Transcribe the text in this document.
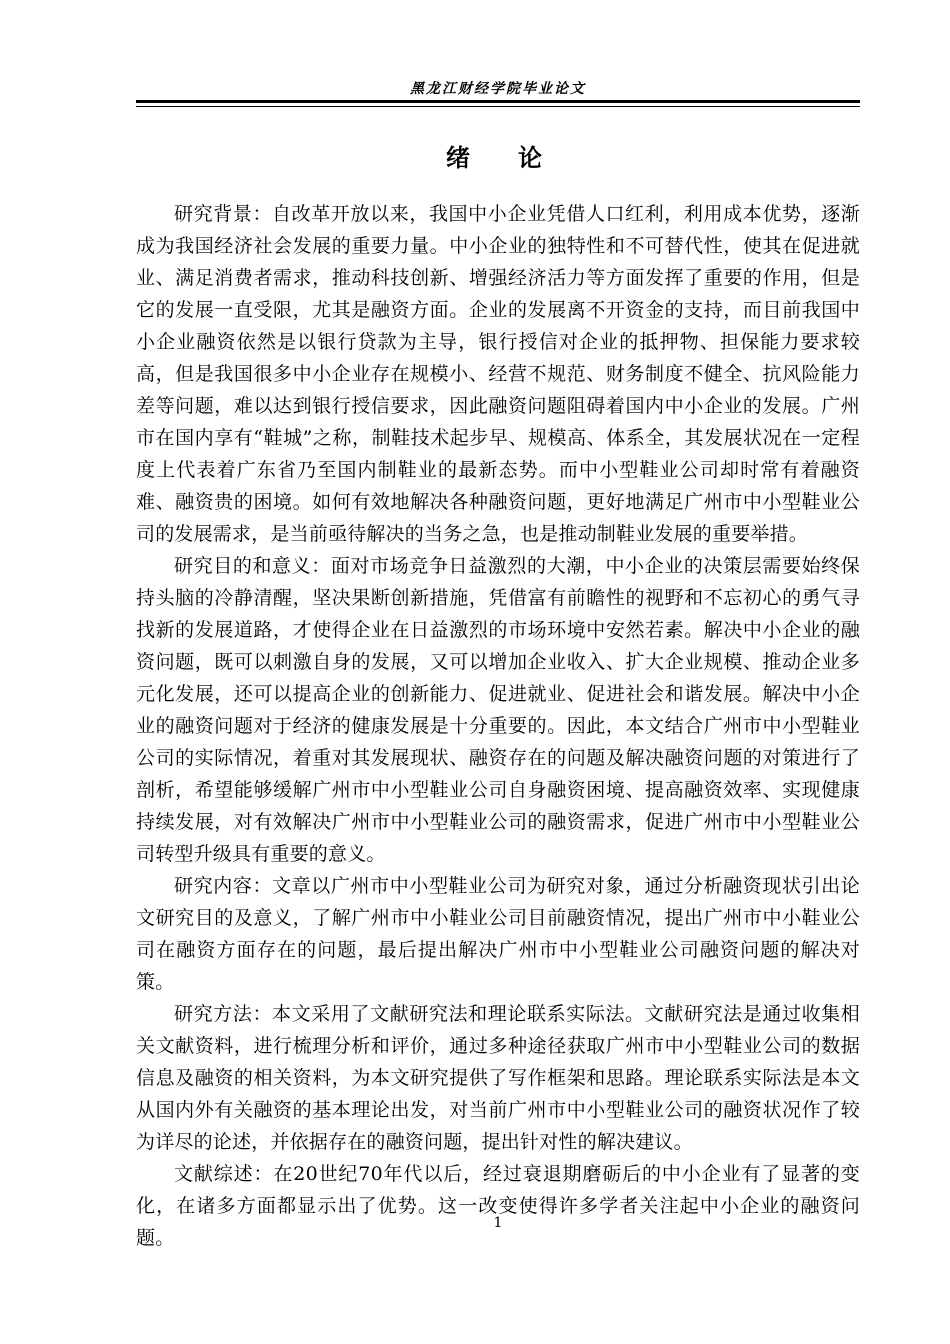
黑龙江财经学院毕业论文
绪 论

研究背景：自改革开放以来，我国中小企业凭借人口红利，利用成本优势，逐渐成为我国经济社会发展的重要力量。中小企业的独特性和不可替代性，使其在促进就业、满足消费者需求，推动科技创新、增强经济活力等方面发挥了重要的作用，但是它的发展一直受限，尤其是融资方面。企业的发展离不开资金的支持，而目前我国中小企业融资依然是以银行贷款为主导，银行授信对企业的抵押物、担保能力要求较高，但是我国很多中小企业存在规模小、经营不规范、财务制度不健全、抗风险能力差等问题，难以达到银行授信要求，因此融资问题阻碍着国内中小企业的发展。广州市在国内享有“鞋城”之称，制鞋技术起步早、规模高、体系全，其发展状况在一定程度上代表着广东省乃至国内制鞋业的最新态势。而中小型鞋业公司却时常有着融资难、融资贵的困境。如何有效地解决各种融资问题，更好地满足广州市中小型鞋业公司的发展需求，是当前亟待解决的当务之急，也是推动制鞋业发展的重要举措。

研究目的和意义：面对市场竞争日益激烈的大潮，中小企业的决策层需要始终保持头脑的冷静清醒，坚决果断创新措施，凭借富有前瞻性的视野和不忘初心的勇气寻找新的发展道路，才使得企业在日益激烈的市场环境中安然若素。解决中小企业的融资问题，既可以刺激自身的发展，又可以增加企业收入、扩大企业规模、推动企业多元化发展，还可以提高企业的创新能力、促进就业、促进社会和谐发展。解决中小企业的融资问题对于经济的健康发展是十分重要的。因此，本文结合广州市中小型鞋业公司的实际情况，着重对其发展现状、融资存在的问题及解决融资问题的对策进行了剖析，希望能够缓解广州市中小型鞋业公司自身融资困境、提高融资效率、实现健康持续发展，对有效解决广州市中小型鞋业公司的融资需求，促进广州市中小型鞋业公司转型升级具有重要的意义。

研究内容：文章以广州市中小型鞋业公司为研究对象，通过分析融资现状引出论文研究目的及意义，了解广州市中小鞋业公司目前融资情况，提出广州市中小鞋业公司在融资方面存在的问题，最后提出解决广州市中小型鞋业公司融资问题的解决对策。

研究方法：本文采用了文献研究法和理论联系实际法。文献研究法是通过收集相关文献资料，进行梳理分析和评价，通过多种途径获取广州市中小型鞋业公司的数据信息及融资的相关资料，为本文研究提供了写作框架和思路。理论联系实际法是本文从国内外有关融资的基本理论出发，对当前广州市中小型鞋业公司的融资状况作了较为详尽的论述，并依据存在的融资问题，提出针对性的解决建议。

文献综述：在20世纪70年代以后，经过衰退期磨砺后的中小企业有了显著的变化，在诸多方面都显示出了优势。这一改变使得许多学者关注起中小企业的融资问题。

1
